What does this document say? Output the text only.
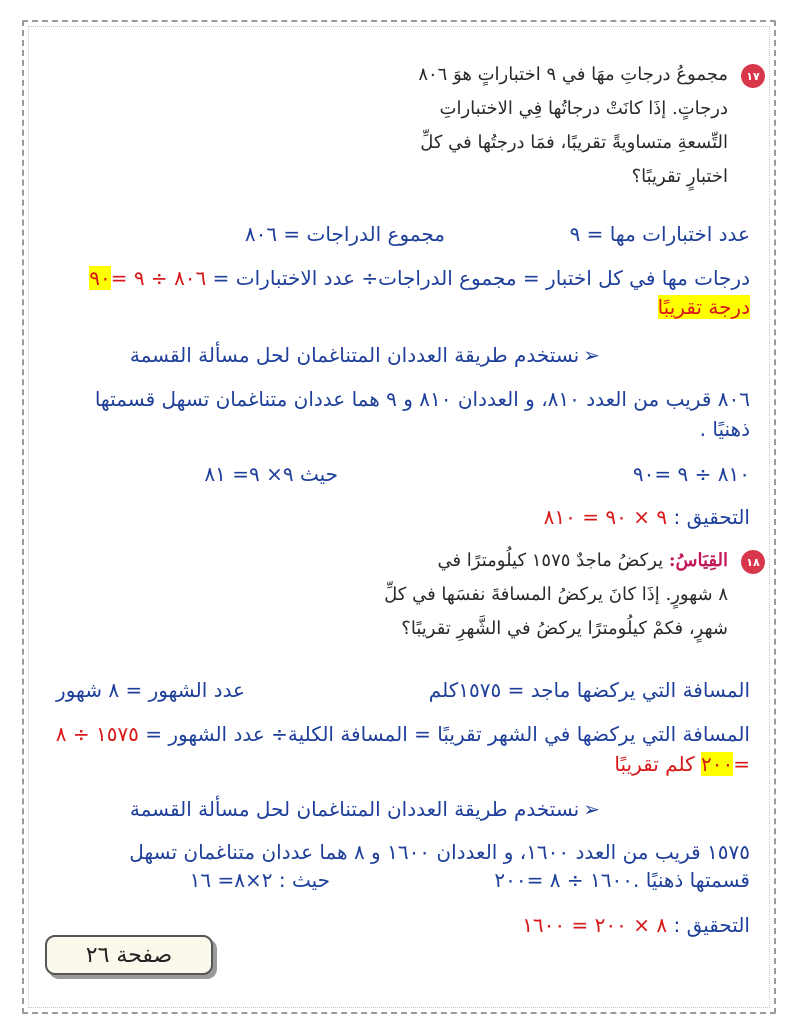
١٧
مجموعُ درجاتِ مهَا في ٩ اختباراتٍ هوَ ٨٠٦
درجاتٍ. إذَا كانَتْ درجاتُها فِي الاختباراتِ
التِّسعةِ متساويةً تقريبًا، فمَا درجتُها في كلِّ
اختبارٍ تقريبًا؟
عدد اختبارات مها = ٩
مجموع الدراجات = ٨٠٦
درجات مها في كل اختبار = مجموع الدراجات÷ عدد الاختبارات = ٨٠٦ ÷ ٩ =٩٠
درجة تقريبًا
➢نستخدم طريقة العددان المتناغمان لحل مسألة القسمة
٨٠٦ قريب من العدد ٨١٠، و العددان ٨١٠ و ٩ هما عددان متناغمان تسهل قسمتها
ذهنيًا .
٨١٠ ÷ ٩ =٩٠
حيث ٩× ٩= ٨١
التحقيق : ٩ × ٩٠ = ٨١٠
١٨
القِيَاسُ: يركضُ ماجدٌ ١٥٧٥ كيلُومترًا في
٨ شهورٍ. إذَا كانَ يركضُ المسافةَ نفسَها في كلِّ
شهرٍ، فكمْ كيلُومترًا يركضُ في الشَّهرِ تقريبًا؟
المسافة التي يركضها ماجد = ١٥٧٥كلم
عدد الشهور = ٨ شهور
المسافة التي يركضها في الشهر تقريبًا = المسافة الكلية÷ عدد الشهور = ١٥٧٥ ÷ ٨
=٢٠٠ كلم تقريبًا
➢نستخدم طريقة العددان المتناغمان لحل مسألة القسمة
١٥٧٥ قريب من العدد ١٦٠٠، و العددان ١٦٠٠ و ٨ هما عددان متناغمان تسهل
قسمتها ذهنيًا .١٦٠٠ ÷ ٨ =٢٠٠
حيث : ٢×٨= ١٦
التحقيق : ٨ × ٢٠٠ = ١٦٠٠
صفحة ٢٦
